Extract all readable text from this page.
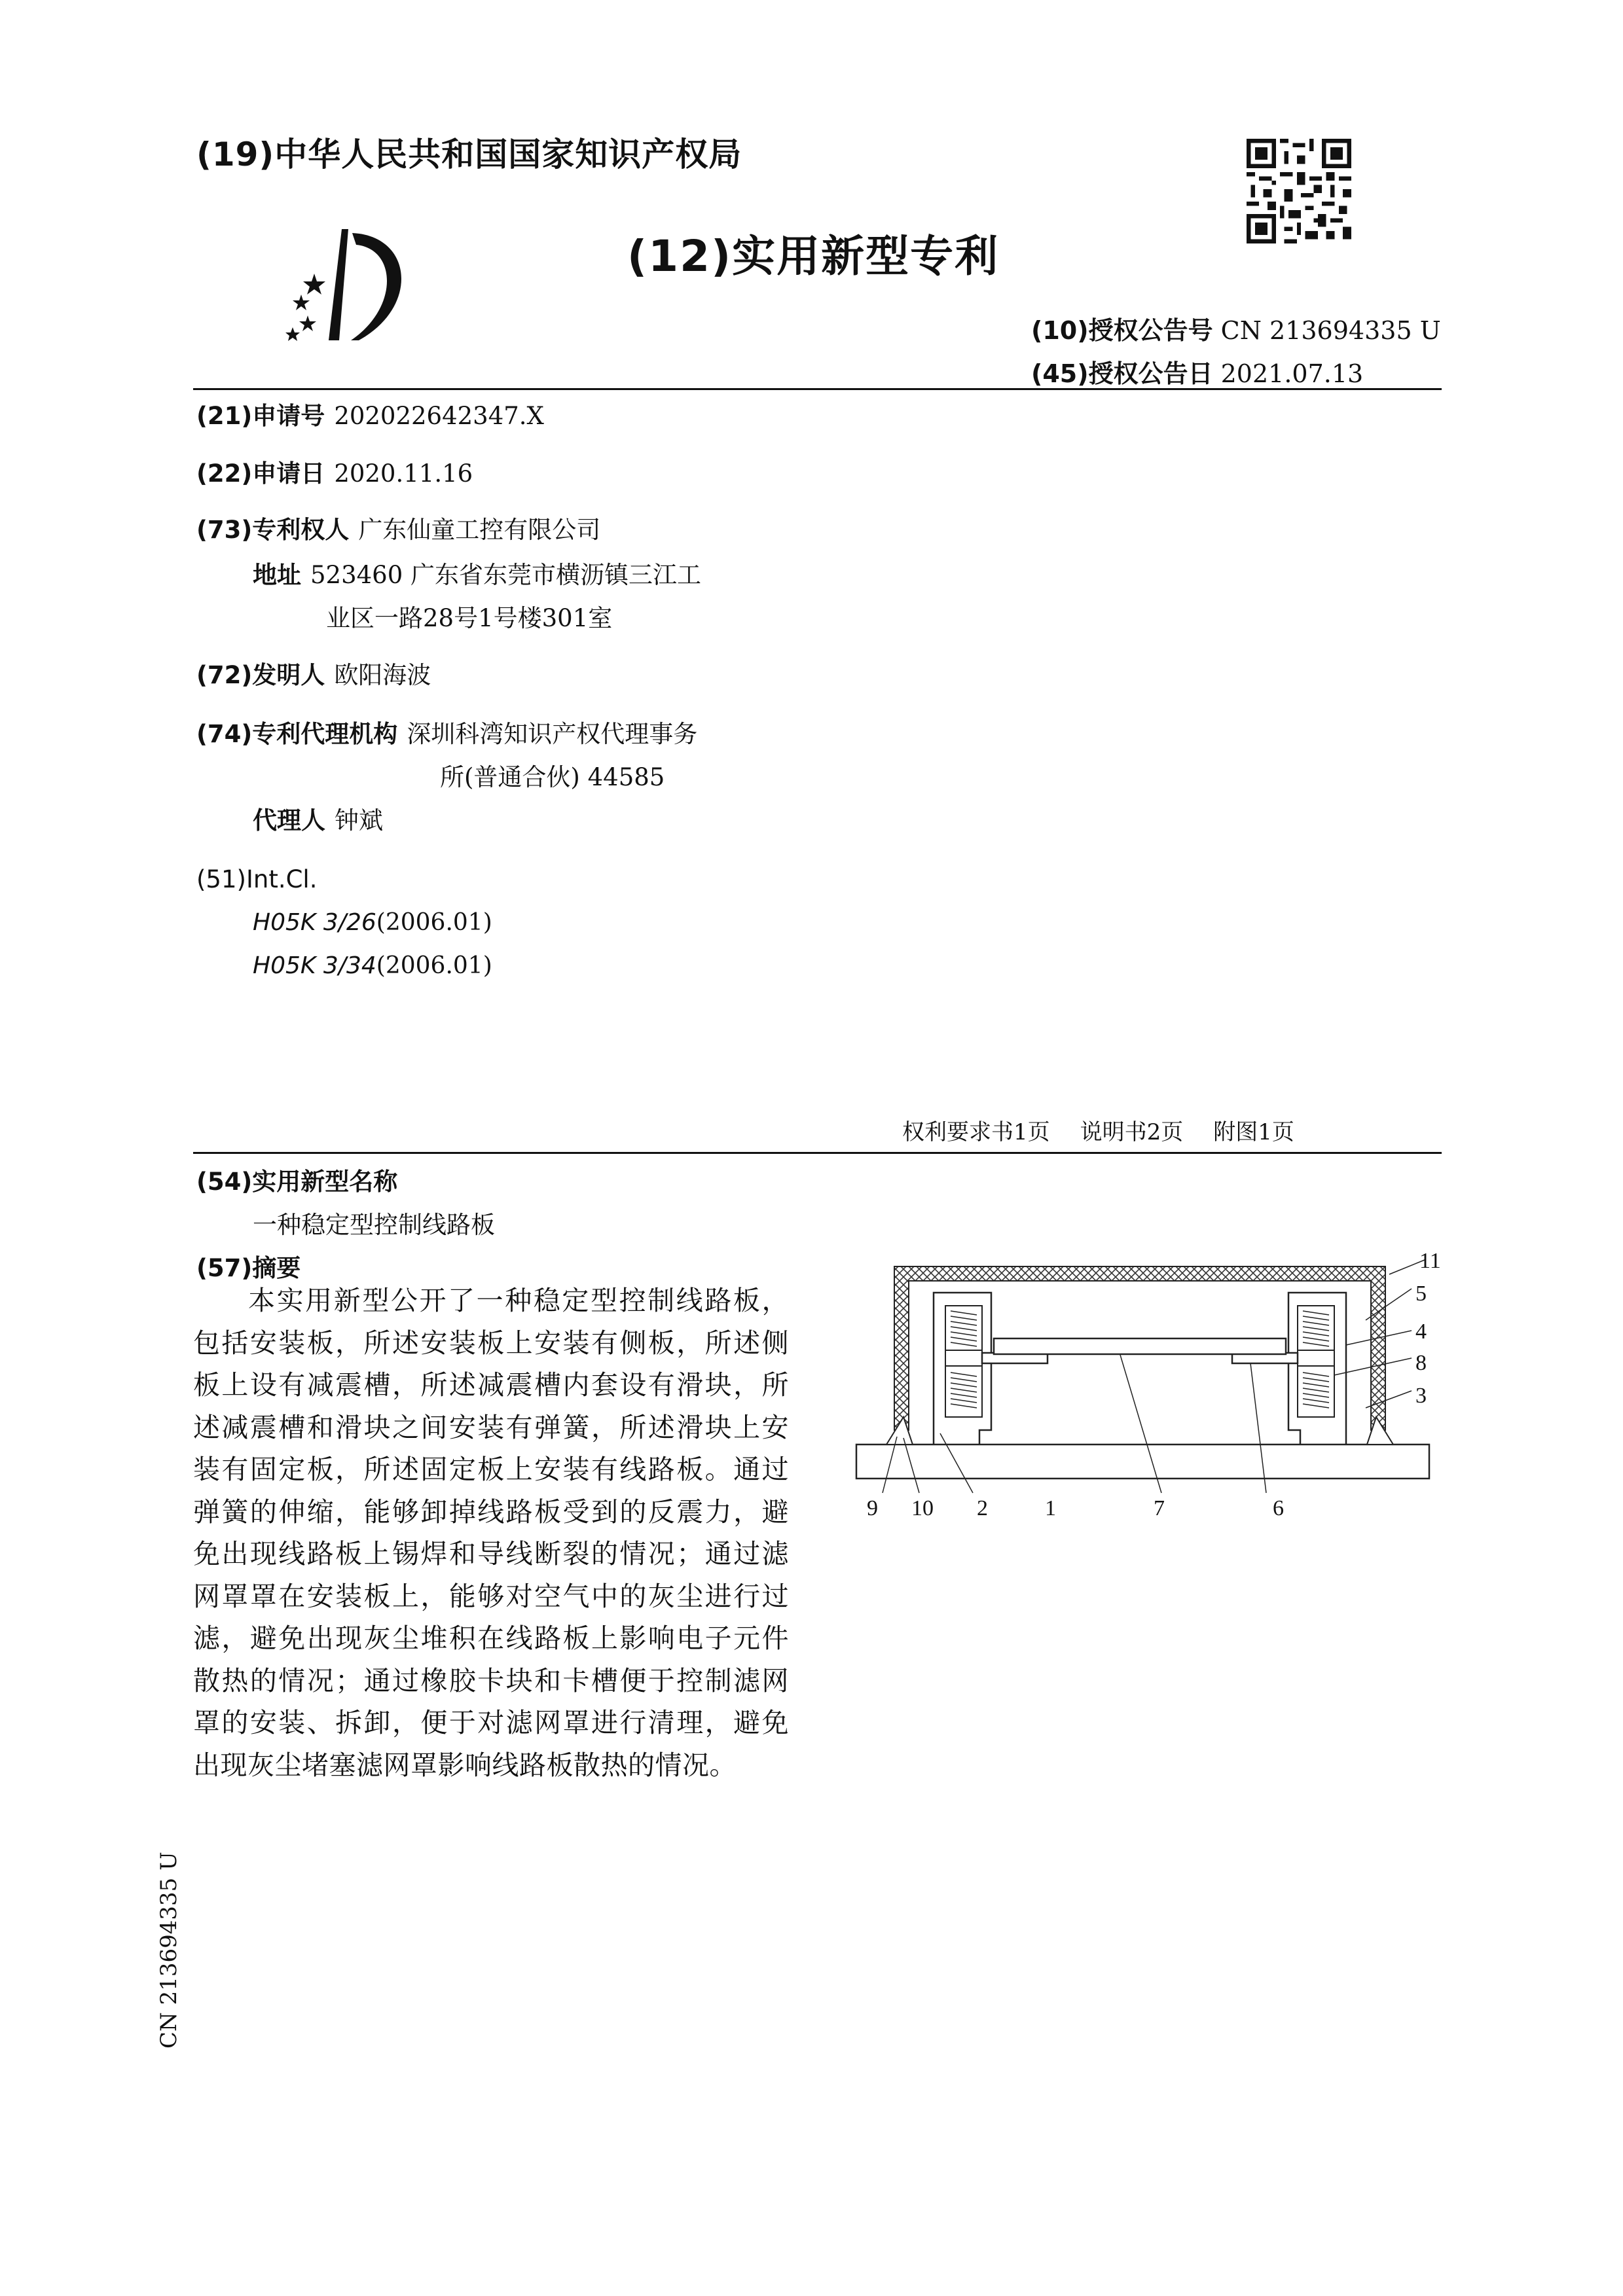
(19)中华人民共和国国家知识产权局
(12)实用新型专利
(10)授权公告号 CN 213694335 U
(45)授权公告日 2021.07.13
(21)申请号 202022642347.X
(22)申请日 2020.11.16
(73)专利权人 广东仙童工控有限公司
地址 523460 广东省东莞市横沥镇三江工
业区一路28号1号楼301室
(72)发明人 欧阳海波
(74)专利代理机构 深圳科湾知识产权代理事务
所(普通合伙) 44585
代理人 钟斌
(51)Int.Cl.
H05K 3/26(2006.01)
H05K 3/34(2006.01)
权利要求书1页 说明书2页 附图1页
(54)实用新型名称
一种稳定型控制线路板
(57)摘要
本实用新型公开了一种稳定型控制线路板，包括安装板，所述安装板上安装有侧板，所述侧板上设有减震槽，所述减震槽内套设有滑块，所述减震槽和滑块之间安装有弹簧，所述滑块上安装有固定板，所述固定板上安装有线路板。通过弹簧的伸缩，能够卸掉线路板受到的反震力，避免出现线路板上锡焊和导线断裂的情况；通过滤网罩罩在安装板上，能够对空气中的灰尘进行过滤，避免出现灰尘堆积在线路板上影响电子元件散热的情况；通过橡胶卡块和卡槽便于控制滤网罩的安装、拆卸，便于对滤网罩进行清理，避免出现灰尘堵塞滤网罩影响线路板散热的情况。
11
5
4
8
3
9 10 2	1	7	6
CN 213694335 U
